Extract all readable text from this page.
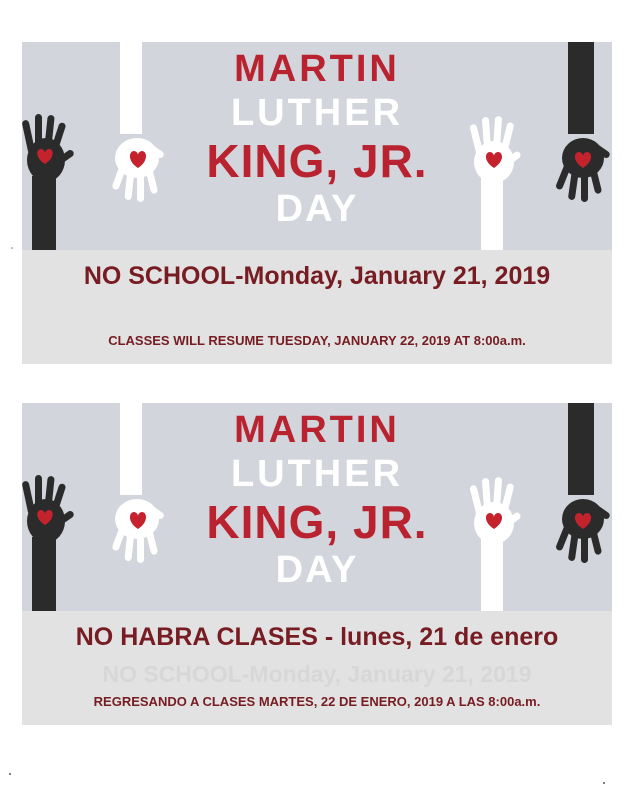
MARTIN
LUTHER
KING, JR.
DAY
NO SCHOOL-Monday, January 21, 2019
CLASSES WILL RESUME TUESDAY, JANUARY 22, 2019 AT 8:00a.m.
MARTIN
LUTHER
KING, JR.
DAY
NO HABRA CLASES - lunes, 21 de enero
NO SCHOOL-Monday, January 21, 2019
REGRESANDO A CLASES MARTES, 22 DE ENERO, 2019 A LAS 8:00a.m.
